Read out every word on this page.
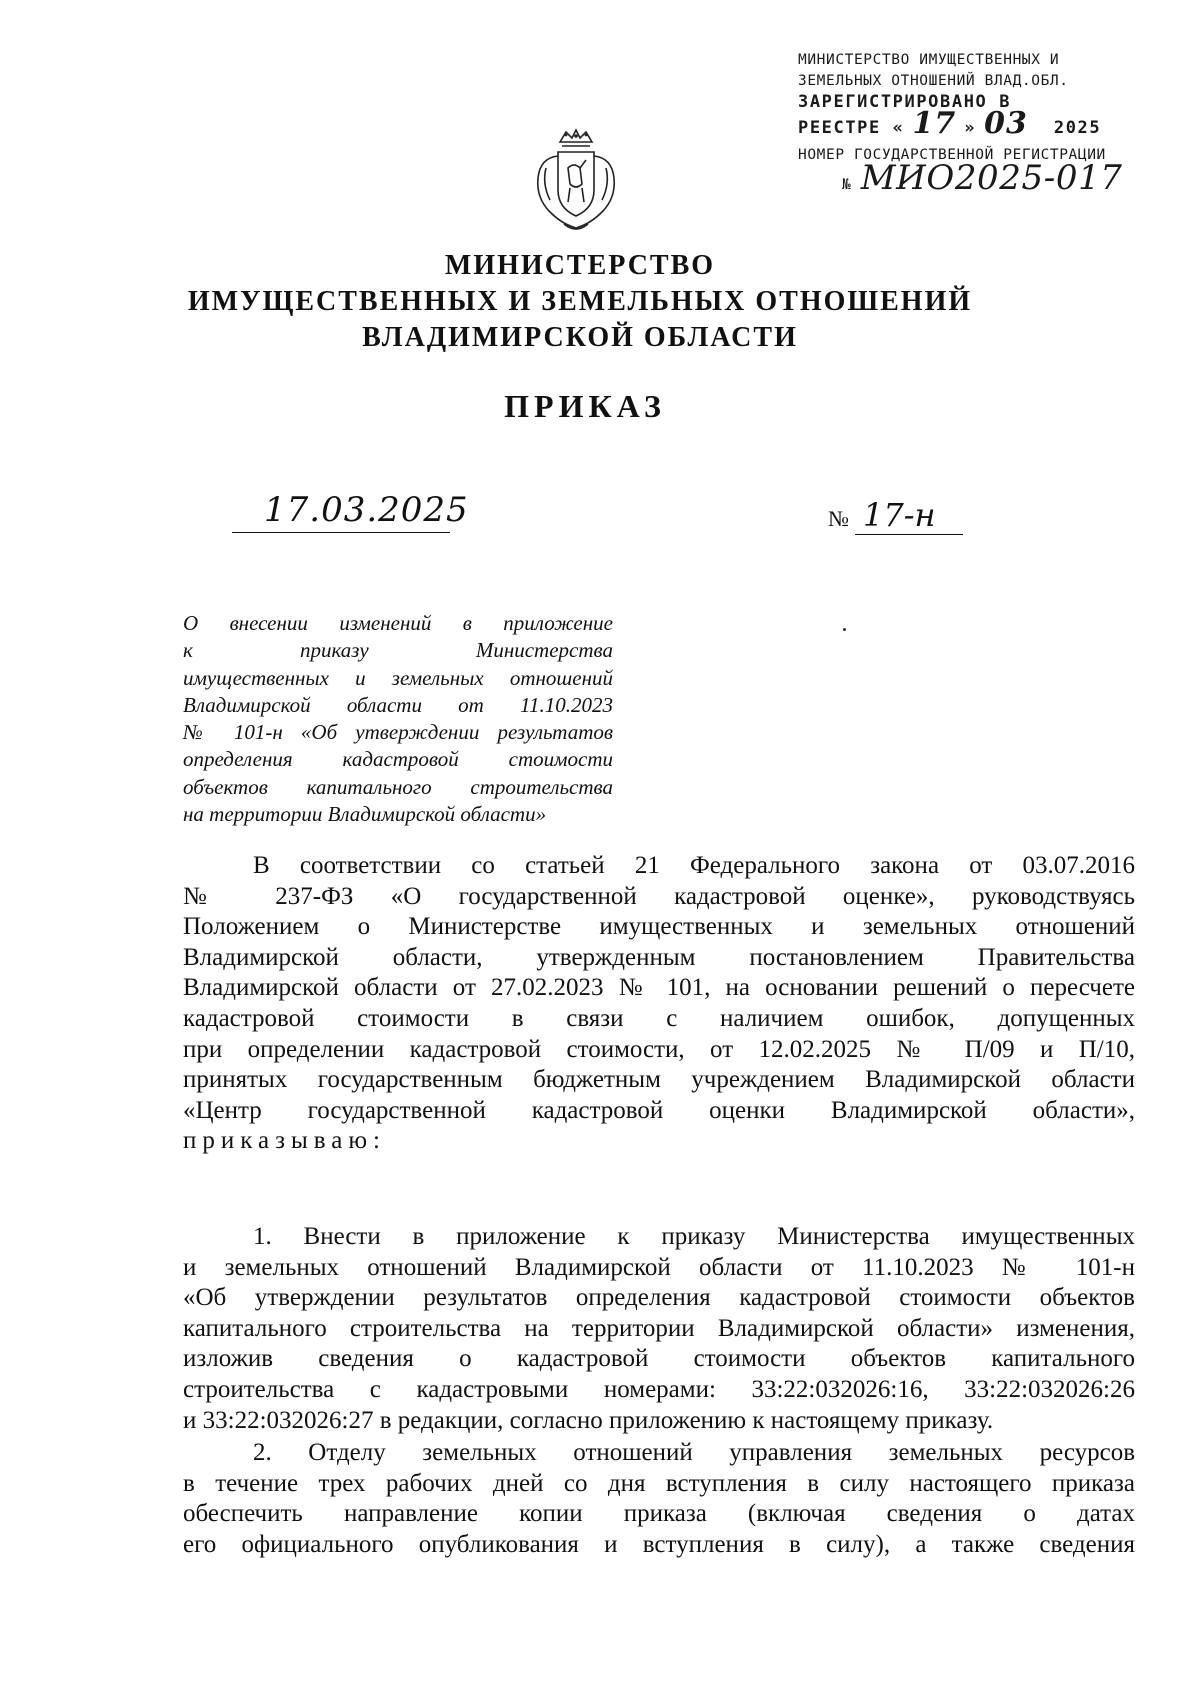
МИНИСТЕРСТВО ИМУЩЕСТВЕННЫХ И
ЗЕМЕЛЬНЫХ ОТНОШЕНИЙ ВЛАД.ОБЛ.
ЗАРЕГИСТРИРОВАНО В
РЕЕСТРЕ « 17 » 03 2025
НОМЕР ГОСУДАРСТВЕННОЙ РЕГИСТРАЦИИ
№ МИО2025-017
МИНИСТЕРСТВО
ИМУЩЕСТВЕННЫХ И ЗЕМЕЛЬНЫХ ОТНОШЕНИЙ
ВЛАДИМИРСКОЙ ОБЛАСТИ
ПРИКАЗ
17.03.2025	№ 17-н
О внесении изменений в приложение
к приказу Министерства
имущественных и земельных отношений
Владимирской области от 11.10.2023
№ 101-н «Об утверждении результатов
определения кадастровой стоимости
объектов капитального строительства
на территории Владимирской области»
В соответствии со статьей 21 Федерального закона от 03.07.2016
№ 237-ФЗ «О государственной кадастровой оценке», руководствуясь
Положением о Министерстве имущественных и земельных отношений
Владимирской области, утвержденным постановлением Правительства
Владимирской области от 27.02.2023 № 101, на основании решений о пересчете
кадастровой стоимости в связи с наличием ошибок, допущенных
при определении кадастровой стоимости, от 12.02.2025 № П/09 и П/10,
принятых государственным бюджетным учреждением Владимирской области
«Центр государственной кадастровой оценки Владимирской области»,
приказываю:
1. Внести в приложение к приказу Министерства имущественных
и земельных отношений Владимирской области от 11.10.2023 № 101-н
«Об утверждении результатов определения кадастровой стоимости объектов
капитального строительства на территории Владимирской области» изменения,
изложив сведения о кадастровой стоимости объектов капитального
строительства с кадастровыми номерами: 33:22:032026:16, 33:22:032026:26
и 33:22:032026:27 в редакции, согласно приложению к настоящему приказу.
2. Отделу земельных отношений управления земельных ресурсов
в течение трех рабочих дней со дня вступления в силу настоящего приказа
обеспечить направление копии приказа (включая сведения о датах
его официального опубликования и вступления в силу), а также сведения
